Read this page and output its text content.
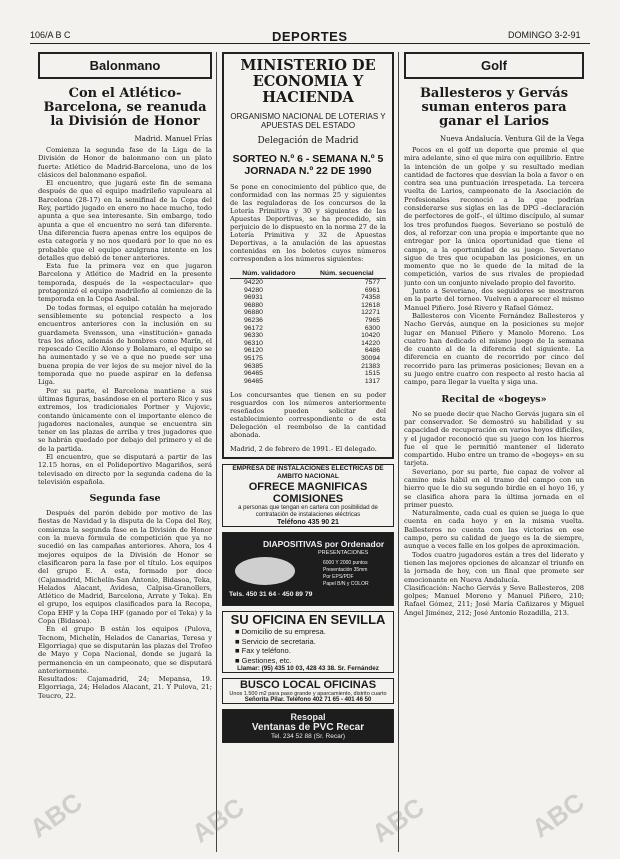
106/A B C	DEPORTES	DOMINGO 3-2-91
Balonmano
Con el Atlético-Barcelona, se reanuda la División de Honor
Madrid. Manuel Frías

Comienza la segunda fase de la Liga de la División de Honor de balonmano con un plato fuerte: Atlético de Madrid-Barcelona, uno de los clásicos del balonmano español.

El encuentro, que jugará este fin de semana después de que el equipo madrileño vapuleara al Barcelona (28-17) en la semifinal de la Copa del Rey, partido jugado en enero no hace mucho, todo apunta a que sea interesante. Sin embargo, todo apunta a que el encuentro no será tan diferente. Una diferencia fuera apenas entre los equipos de esta categoría y no nos quedará por lo que no es probable que el equipo azulgrana intente en los detalles que debió de tener anteriores.

Esta fue la primera vez en que jugaron Barcelona y Atlético de Madrid en la presente temporada, después de la «espectacular» que protagonizó el equipo madrileño al comienzo de la temporada en la Copa Asobal.

De todas formas, el equipo catalán ha mejorado sensiblemente su potencial respecto a los encuentros anteriores con la inclusión en su guardameta Svensson, una «institución» ganada tras los años, además de hombres como Marín, el repescado Cecilio Alonso y Bolamaro, el equipo se ha aumentado y se ve a que no puede ser una buena propia de ver lejos de su mejor nivel de la temporada que no puede aspirar en la defensa Liga.

Por su parte, el Barcelona mantiene a sus últimas figuras, basándose en el portero Rico y sus extremos, los tradicionales Portner y Vujovic, contando únicamente con el importante elenco de jugadores nacionales, aunque se encuentra sin tener en las plazas de arriba y tres jugadores que se habrán quedado por debajo del primero y el de de la partida.

El encuentro, que se disputará a partir de las 12.15 horas, en el Polideportivo Magariños, será televisado en directo por la segunda cadena de la televisión española.

Segunda fase

Después del parón debido por motivo de las fiestas de Navidad y la disputa de la Copa del Rey, comienza la segunda fase en la División de Honor con la nueva fórmula de competición que ya no sucedió en las campañas anteriores. Ahora, los 4 mejores equipos de la División de Honor se clasificaron para la fase por el título. Los equipos del grupo E. A esta, formado por doce (Cajamadrid, Michelín-San Antonio, Bidasoa, Teka, Helados Alacant, Avidesa, Calpisa-Granollers, Atlético de Madrid, Barcelona, Arrate y Teka). En el grupo, los equipos clasificados para la Recopa, Copa EHF y la Copa IHF (ganado por el Teka) y la Copa (Bidasoa).

En el grupo B están los equipos (Pulova, Tecnom, Michelín, Helados de Canarias, Teresa y Elgorriaga) que se disputarán las plazas del Trofeo de Mayo y Copa Nacional, donde se jugará la permanencia en un campeonato, que se disputará anteriormente.

Resultados: Cajamadrid, 24; Mepansa, 19. Elgorriaga, 24; Helados Alacant, 21. Y Pulova, 21; Teucro, 22.

MINISTERIO DE ECONOMIA Y HACIENDA
ORGANISMO NACIONAL DE LOTERIAS Y APUESTAS DEL ESTADO
Delegación de Madrid
SORTEO N.º 6 - SEMANA N.º 5 JORNADA N.º 22 DE 1990
Se pone en conocimiento del público que, de conformidad con las normas 25 y siguientes de las reguladoras de los concursos de la Lotería Primitiva y 30 y siguientes de las Apuestas Deportivas, se ha procedido, sin perjuicio de lo dispuesto en la norma 27 de la Lotería Primitiva y 32 de Apuestas Deportivas, a la anulación de las apuestas contenidas en los boletos cuyos números corresponden a los números siguientes:
Núm. validadoro	Núm. secuencial
94220	7577
94280	6961
96931	74358
96880	12618
96880	12271
96236	7965
96172	6300
96330	10420
96310	14220
96120	6486
95175	30094
96385	21383
96465	1515
96465	1317
Los concursantes que tienen en su poder resguardos con los números anteriormente reseñados pueden solicitar del establecimiento correspondiente o de esta Delegación el reembolso de la cantidad abonada.
Madrid, 2 de febrero de 1991.- El delegado.
EMPRESA DE INSTALACIONES ELECTRICAS DE AMBITO NACIONAL
OFRECE MAGNIFICAS COMISIONES
a personas que tengan en cartera con posibilidad de contratación de instalaciones eléctricas
Teléfono 435 90 21
DIAPOSITIVAS por Ordenador
PRESENTACIONES
6000 Y 2000 puntos
Presentación 35mm
Por EPS/PDF
Papel B/N y COLOR
Tels. 450 31 64 · 450 89 79
SU OFICINA EN SEVILLA
■ Domicilio de su empresa.
■ Servicio de secretaria.
■ Fax y teléfono.
■ Gestiones, etc.
Llamar: (95) 435 10 03, 428 43 38. Sr. Fernández
BUSCO LOCAL OFICINAS
Unos 1.500 m2 para paso grande y aparcamiento, distrito cuarto
Señorita Pilar. Teléfono 402 71 65 - 401 46 50
Resopal
Ventanas de PVC Recar
Tel. 234 52 88 (Sr. Recar)
Golf
Ballesteros y Gervás suman enteros para ganar el Larios
Nueva Andalucía. Ventura Gil de la Vega

Pocos en el golf un deporte que premie el que mira adelante, sino el que mira con equilibrio. Entre la intención de un golpe y su resultado median cantidad de factores que desvían la bola a favor o en contra sea una puntuación irrespetada. La tercera vuelta de Larios, campeonato de la Asociación de Profesionales reconoció a la que podrían considerarse sus siglas en las de DPG –declaración de perfectores de golf–, el último discípulo, al sumar los tres profundos fuegos. Severiano se postuló de dos, al reforzar con una propia e importante que no entregar por la única oportunidad que tiene el campo, a la oportunidad de su juego. Severiano sigue de tres que ocupaban las posiciones, en un momento que no le quede de la mitad de la competición, varios de sus rivales de propiedad junto con un conjunto nivelado propio del favorito.

Junto a Severiano, dos seguidores se mostraron en la parte del torneo. Vuelven a aparecer el mismo Manuel Piñero. José Rivero y Rafael Gómez.

Ballesteros con Vicente Fernández Ballesteros y Nacho Gervás, aunque en la posiciones su mejor lugar en Manuel Piñero y Manolo Moreno. Los cuatro han dedicado el mismo juego de la semana de cuanto al de la diferencia del siguiente. La diferencia en cuanto de recorrido por cinco del recorrido para las primeras posiciones; llevan en a su juego entre cuatro con respecto al resto hacia al campo, para llegar la vuelta y siga una.

Recital de «bogeys»

No se puede decir que Nacho Gervás jugara sin el par conservador. Se demostró su habilidad y su capacidad de recuperación en varios hoyos difíciles, y el jugador reconoció que su juego con los hierros fue el que le permitió mantener el liderato compartido. Hubo entre un tramo de «bogeys» en su tarjeta.

Severiano, por su parte, fue capaz de volver al camino más hábil en el tramo del campo con un hierro que le dio su segundo birdie en el hoyo 16, y se clasifica ahora para la última jornada en el primer puesto.

Naturalmente, cada cual es quien se juega lo que cuenta en cada hoyo y en la misma vuelta. Ballesteros no cuenta con las victorias en ese campo, pero su calidad de juego es la de siempre, aunque a veces falle en los golpes de aproximación.

Todos cuatro jugadores están a tres del liderato y tienen las mejores opciones de alcanzar el triunfo en la jornada de hoy, con un final que promete ser emocionante en Nueva Andalucía.

Clasificación: Nacho Gervás y Seve Ballesteros, 208 golpes; Manuel Moreno y Manuel Piñero, 210; Rafael Gómez, 211; José María Cañizares y Miguel Ángel Jiménez, 212; José Antonio Rozadilla, 213.

ABC	ABC	ABC	ABC
